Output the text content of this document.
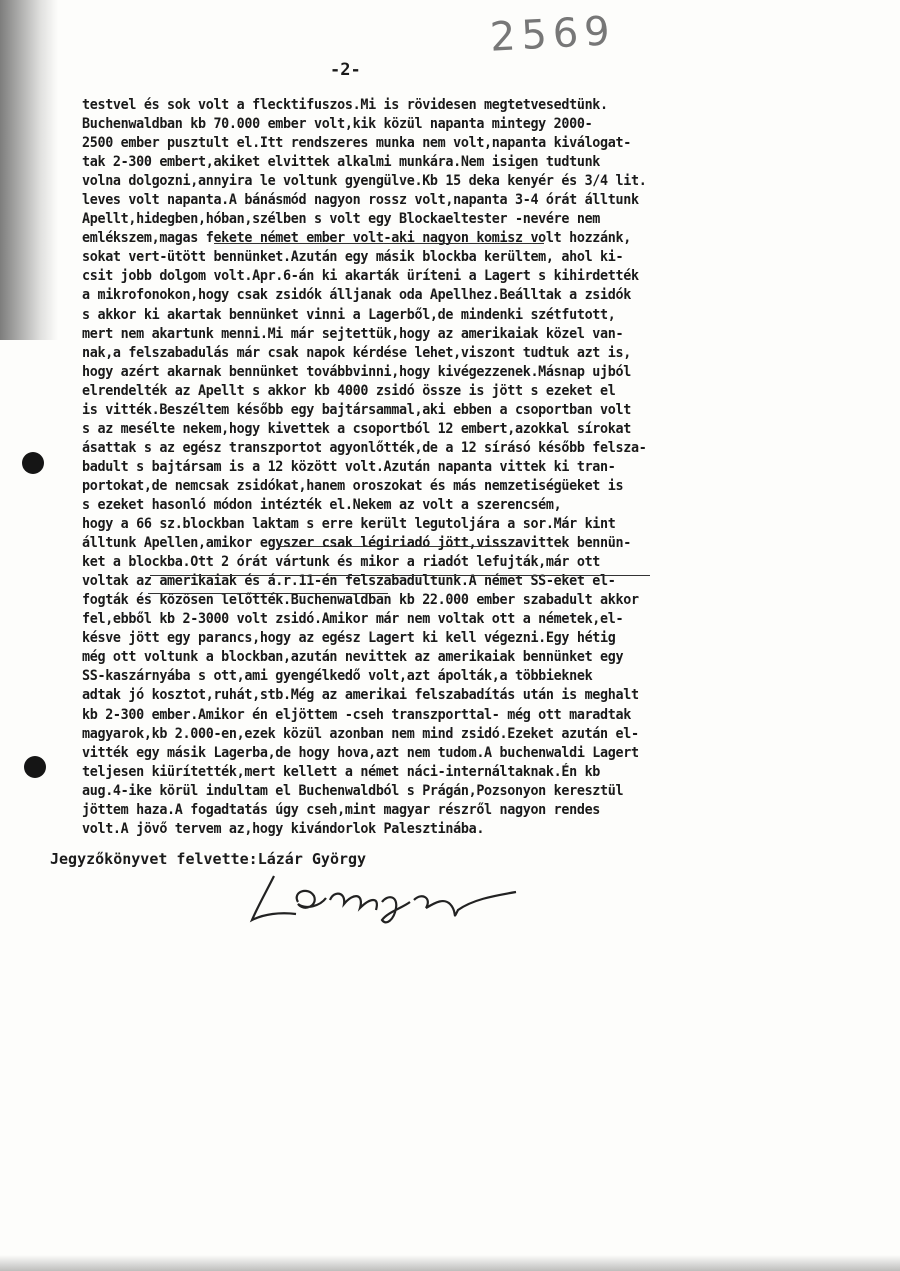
2569
-2-
testvel és sok volt a flecktifuszos.Mi is rövidesen megtetvesedtünk.
Buchenwaldban kb 70.000 ember volt,kik közül napanta mintegy 2000-
2500 ember pusztult el.Itt rendszeres munka nem volt,napanta kiválogat-
tak 2-300 embert,akiket elvittek alkalmi munkára.Nem isigen tudtunk
volna dolgozni,annyira le voltunk gyengülve.Kb 15 deka kenyér és 3/4 lit.
leves volt napanta.A bánásmód nagyon rossz volt,napanta 3-4 órát álltunk
Apellt,hidegben,hóban,szélben s volt egy Blockaeltester -nevére nem
emlékszem,magas fekete német ember volt-aki nagyon komisz volt hozzánk,
sokat vert-ütött bennünket.Azután egy másik blockba kerültem, ahol ki-
csit jobb dolgom volt.Apr.6-án ki akarták üríteni a Lagert s kihirdették
a mikrofonokon,hogy csak zsidók álljanak oda Apellhez.Beálltak a zsidók
s akkor ki akartak bennünket vinni a Lagerből,de mindenki szétfutott,
mert nem akartunk menni.Mi már sejtettük,hogy az amerikaiak közel van-
nak,a felszabadulás már csak napok kérdése lehet,viszont tudtuk azt is,
hogy azért akarnak bennünket továbbvinni,hogy kivégezzenek.Másnap ujból
elrendelték az Apellt s akkor kb 4000 zsidó össze is jött s ezeket el
is vitték.Beszéltem később egy bajtársammal,aki ebben a csoportban volt
s az mesélte nekem,hogy kivettek a csoportból 12 embert,azokkal sírokat
ásattak s az egész transzportot agyonlőtték,de a 12 sírásó később felsza-
badult s bajtársam is a 12 között volt.Azután napanta vittek ki tran-
portokat,de nemcsak zsidókat,hanem oroszokat és más nemzetiségüeket is
s ezeket hasonló módon intézték el.Nekem az volt a szerencsém,
hogy a 66 sz.blockban laktam s erre került legutoljára a sor.Már kint
álltunk Apellen,amikor egyszer csak légiriadó jött,visszavittek bennün-
ket a blockba.Ott 2 órát vártunk és mikor a riadót lefujták,már ott
voltak az amerikaiak és á.r.11-én felszabadultunk.A német SS-eket el-
fogták és közösen lelőtték.Buchenwaldban kb 22.000 ember szabadult akkor
fel,ebből kb 2-3000 volt zsidó.Amikor már nem voltak ott a németek,el-
késve jött egy parancs,hogy az egész Lagert ki kell végezni.Egy hétig
még ott voltunk a blockban,azután nevittek az amerikaiak bennünket egy
SS-kaszárnyába s ott,ami gyengélkedő volt,azt ápolták,a többieknek
adtak jó kosztot,ruhát,stb.Még az amerikai felszabadítás után is meghalt
kb 2-300 ember.Amikor én eljöttem -cseh transzporttal- még ott maradtak
magyarok,kb 2.000-en,ezek közül azonban nem mind zsidó.Ezeket azután el-
vitték egy másik Lagerba,de hogy hova,azt nem tudom.A buchenwaldi Lagert
teljesen kiürítették,mert kellett a német náci-internáltaknak.Én kb
aug.4-ike körül indultam el Buchenwaldból s Prágán,Pozsonyon keresztül
jöttem haza.A fogadtatás úgy cseh,mint magyar részről nagyon rendes
volt.A jövő tervem az,hogy kivándorlok Palesztinába.
Jegyzőkönyvet felvette:Lázár György
